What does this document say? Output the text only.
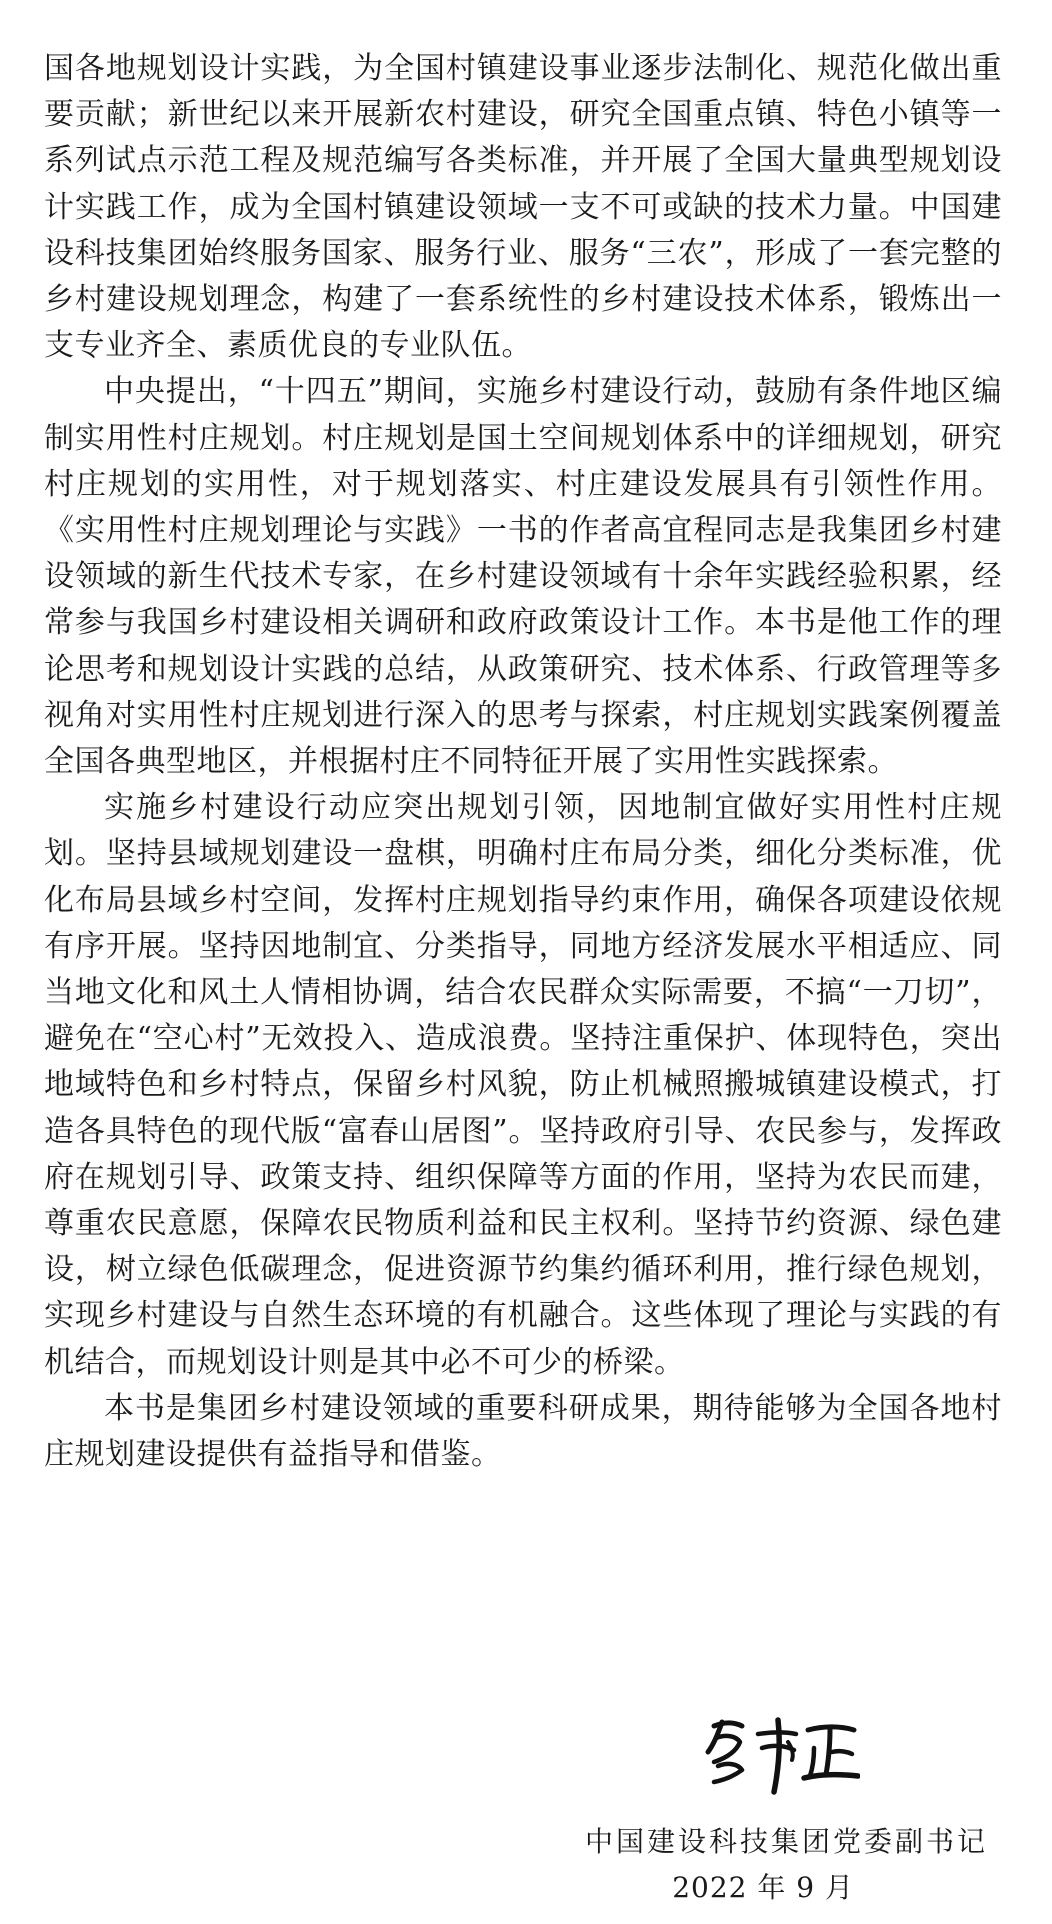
国各地规划设计实践，为全国村镇建设事业逐步法制化、规范化做出重要贡献；新世纪以来开展新农村建设，研究全国重点镇、特色小镇等一系列试点示范工程及规范编写各类标准，并开展了全国大量典型规划设计实践工作，成为全国村镇建设领域一支不可或缺的技术力量。中国建设科技集团始终服务国家、服务行业、服务“三农”，形成了一套完整的乡村建设规划理念，构建了一套系统性的乡村建设技术体系，锻炼出一支专业齐全、素质优良的专业队伍。

中央提出，“十四五”期间，实施乡村建设行动，鼓励有条件地区编制实用性村庄规划。村庄规划是国土空间规划体系中的详细规划，研究村庄规划的实用性，对于规划落实、村庄建设发展具有引领性作用。《实用性村庄规划理论与实践》一书的作者高宜程同志是我集团乡村建设领域的新生代技术专家，在乡村建设领域有十余年实践经验积累，经常参与我国乡村建设相关调研和政府政策设计工作。本书是他工作的理论思考和规划设计实践的总结，从政策研究、技术体系、行政管理等多视角对实用性村庄规划进行深入的思考与探索，村庄规划实践案例覆盖全国各典型地区，并根据村庄不同特征开展了实用性实践探索。

实施乡村建设行动应突出规划引领，因地制宜做好实用性村庄规划。坚持县域规划建设一盘棋，明确村庄布局分类，细化分类标准，优化布局县域乡村空间，发挥村庄规划指导约束作用，确保各项建设依规有序开展。坚持因地制宜、分类指导，同地方经济发展水平相适应、同当地文化和风土人情相协调，结合农民群众实际需要，不搞“一刀切”，避免在“空心村”无效投入、造成浪费。坚持注重保护、体现特色，突出地域特色和乡村特点，保留乡村风貌，防止机械照搬城镇建设模式，打造各具特色的现代版“富春山居图”。坚持政府引导、农民参与，发挥政府在规划引导、政策支持、组织保障等方面的作用，坚持为农民而建，尊重农民意愿，保障农民物质利益和民主权利。坚持节约资源、绿色建设，树立绿色低碳理念，促进资源节约集约循环利用，推行绿色规划，实现乡村建设与自然生态环境的有机融合。这些体现了理论与实践的有机结合，而规划设计则是其中必不可少的桥梁。

本书是集团乡村建设领域的重要科研成果，期待能够为全国各地村庄规划建设提供有益指导和借鉴。

中国建设科技集团党委副书记
2022 年 9 月
